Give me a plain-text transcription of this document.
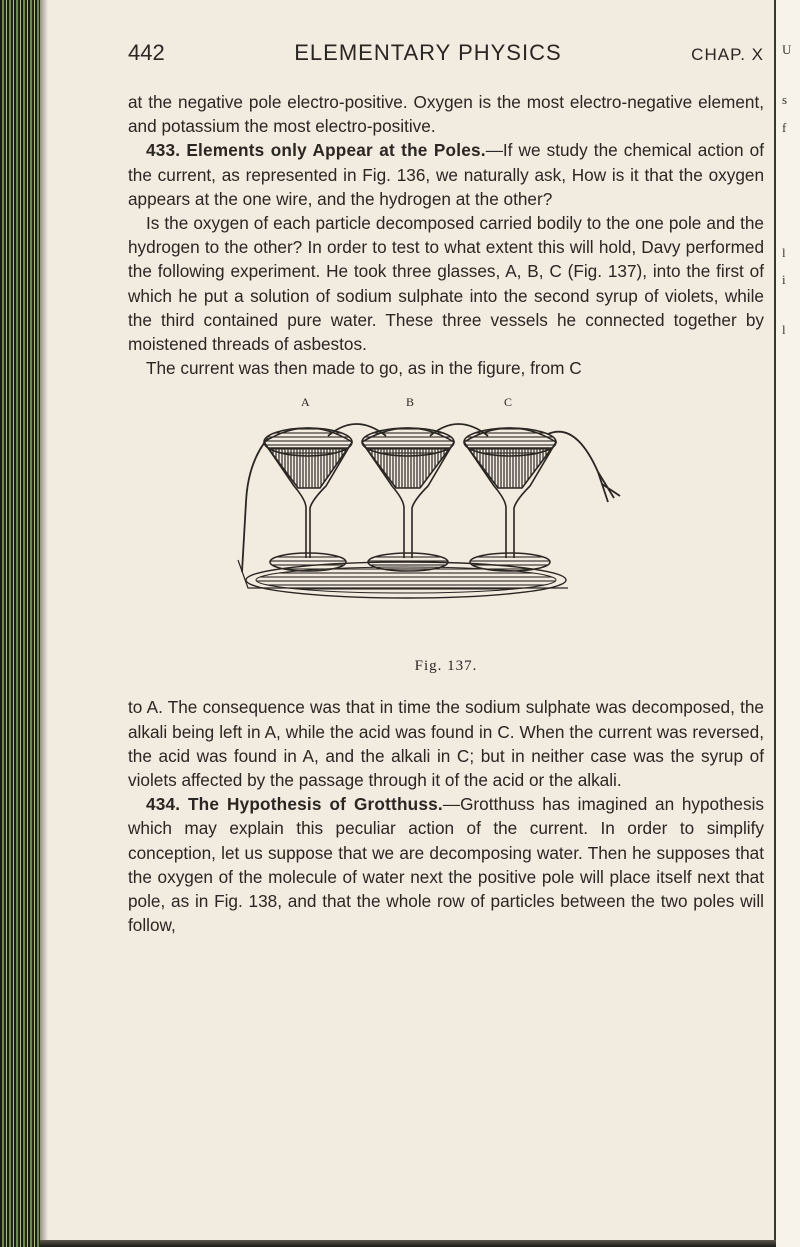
U
s
f
l
i
l
442	ELEMENTARY PHYSICS	CHAP. X

at the negative pole electro-positive. Oxygen is the most electro-negative element, and potassium the most electro-positive.

433. Elements only Appear at the Poles.—If we study the chemical action of the current, as represented in Fig. 136, we naturally ask, How is it that the oxygen appears at the one wire, and the hydrogen at the other?

Is the oxygen of each particle decomposed carried bodily to the one pole and the hydrogen to the other? In order to test to what extent this will hold, Davy performed the following experiment. He took three glasses, A, B, C (Fig. 137), into the first of which he put a solution of sodium sulphate into the second syrup of violets, while the third contained pure water. These three vessels he connected together by moistened threads of asbestos.

The current was then made to go, as in the figure, from C

A	B	C
Fig. 137.

to A. The consequence was that in time the sodium sulphate was decomposed, the alkali being left in A, while the acid was found in C. When the current was reversed, the acid was found in A, and the alkali in C; but in neither case was the syrup of violets affected by the passage through it of the acid or the alkali.

434. The Hypothesis of Grotthuss.—Grotthuss has imagined an hypothesis which may explain this peculiar action of the current. In order to simplify conception, let us suppose that we are decomposing water. Then he supposes that the oxygen of the molecule of water next the positive pole will place itself next that pole, as in Fig. 138, and that the whole row of particles between the two poles will follow,
